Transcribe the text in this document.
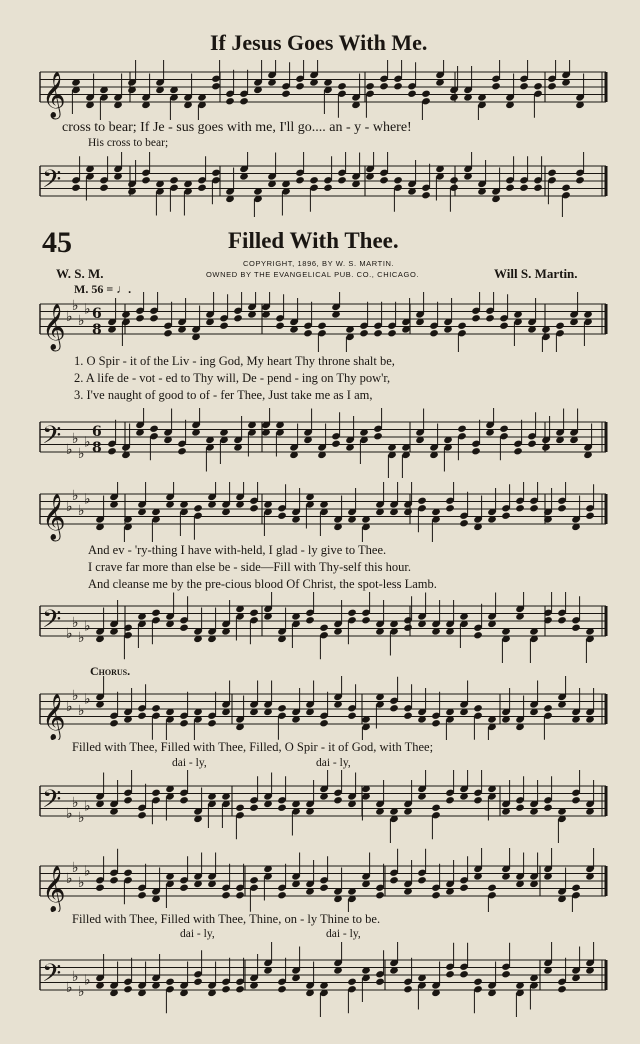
If Jesus Goes With Me.
𝄞
cross to bear; If Je - sus goes with me, I'll go.... an - y - where!
His cross to bear;
𝄢
45	Filled With Thee.
COPYRIGHT, 1896, BY W. S. MARTIN.
OWNED BY THE EVANGELICAL PUB. CO., CHICAGO.
W. S. M.	Will S. Martin.
M. 56 = ♩.
𝄞 ♭
♭
♭
♭ 6
8
1. O Spir - it of the Liv - ing God, My heart Thy throne shalt be,
2. A life de - vot - ed to Thy will, De - pend - ing on Thy pow'r,
3. I've naught of good to of - fer Thee, Just take me as I am,
𝄢 ♭
♭
♭
♭
6
8
𝄞 ♭
♭
♭
♭
And ev - 'ry-thing I have with-held, I glad - ly give to Thee.
I crave far more than else be - side—Fill with Thy-self this hour.
And cleanse me by the pre-cious blood Of Christ, the spot-less Lamb.
𝄢 ♭
♭
♭
♭
Chorus.
𝄞 ♭
♭
♭
♭
Filled with Thee, Filled with Thee, Filled, O Spir - it of God, with Thee;
dai - ly,	dai - ly,
𝄢 ♭
♭
♭
♭
𝄞 ♭
♭
♭
♭
Filled with Thee, Filled with Thee, Thine, on - ly Thine to be.
dai - ly,	dai - ly,
𝄢 ♭
♭
♭
♭
